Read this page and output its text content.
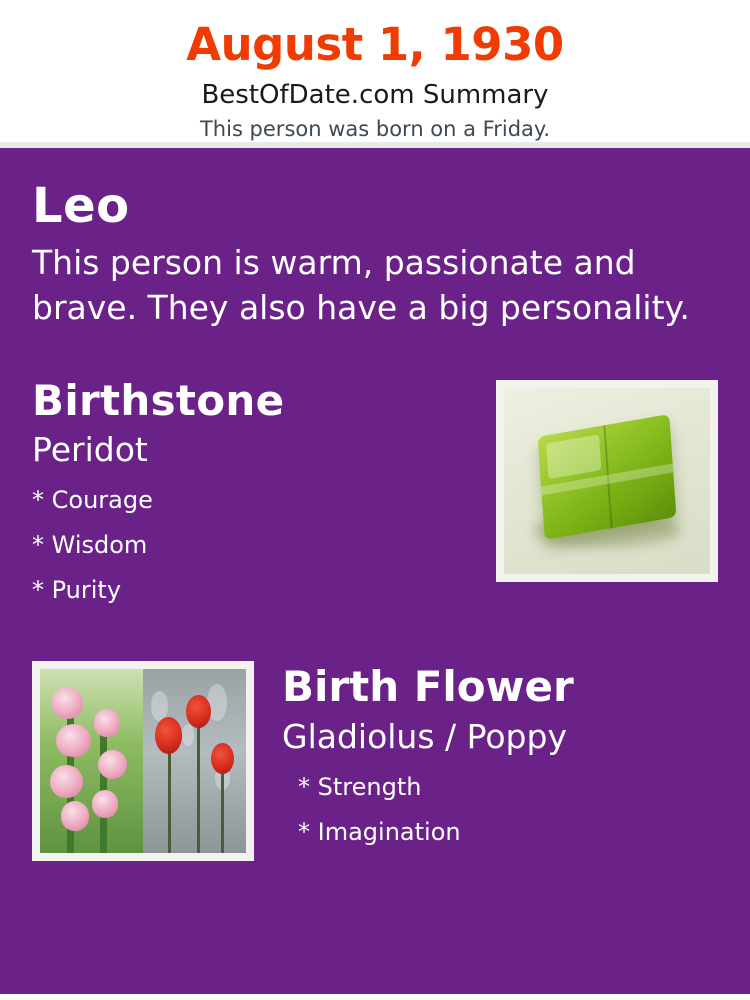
August 1, 1930
BestOfDate.com Summary
This person was born on a Friday.
Leo
This person is warm, passionate and brave. They also have a big personality.
Birthstone
Peridot
* Courage
* Wisdom
* Purity
Birth Flower
Gladiolus / Poppy
* Strength
* Imagination
